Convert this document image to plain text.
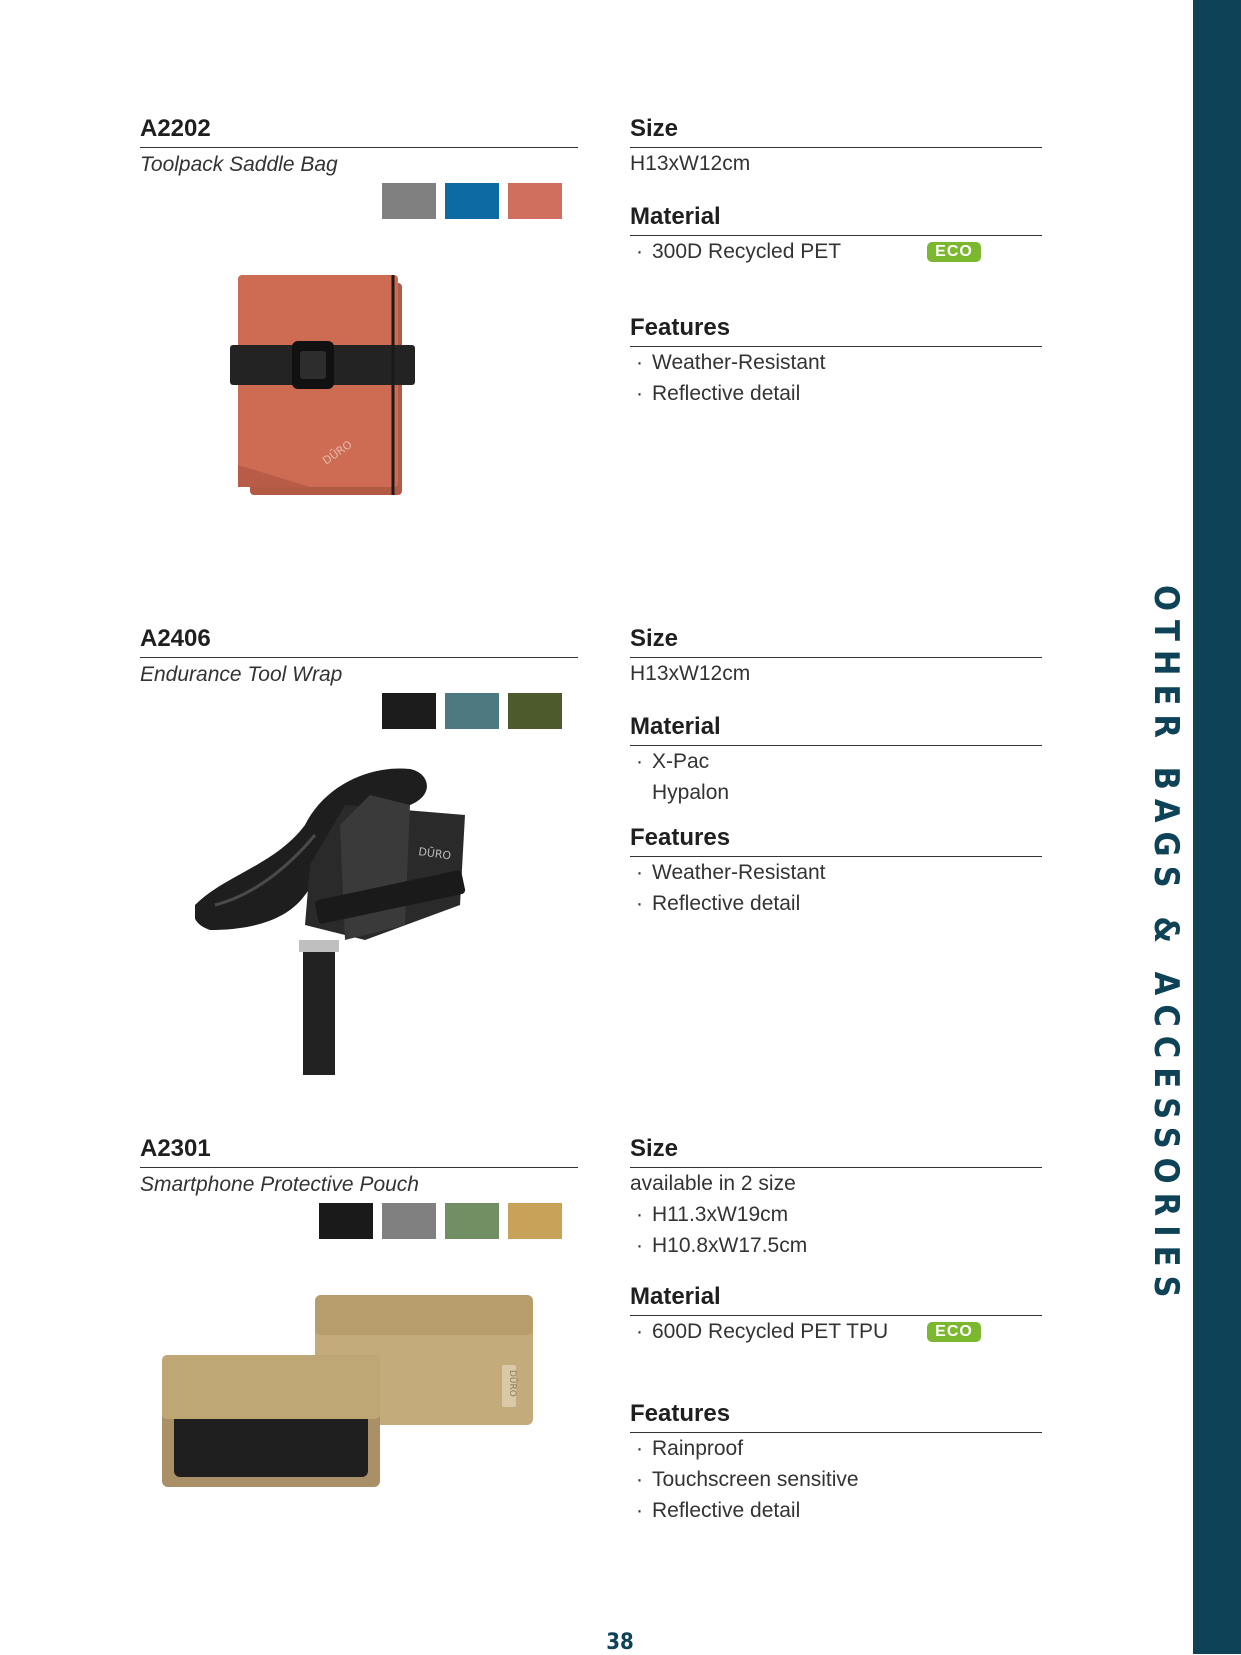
OTHER BAGS & ACCESSORIES
A2202
Toolpack Saddle Bag
Size
H13xW12cm
Material
· 300D Recycled PET	ECO
Features
· Weather-Resistant
· Reflective detail
DŪRO
A2406
Endurance Tool Wrap
Size
H13xW12cm
Material
· X-Pac
Hypalon
Features
· Weather-Resistant
· Reflective detail
DŪRO
A2301
Smartphone Protective Pouch
Size
available in 2 size
· H11.3xW19cm
· H10.8xW17.5cm
Material
· 600D Recycled PET TPU	ECO
Features
· Rainproof
· Touchscreen sensitive
· Reflective detail
DŪRO
38
